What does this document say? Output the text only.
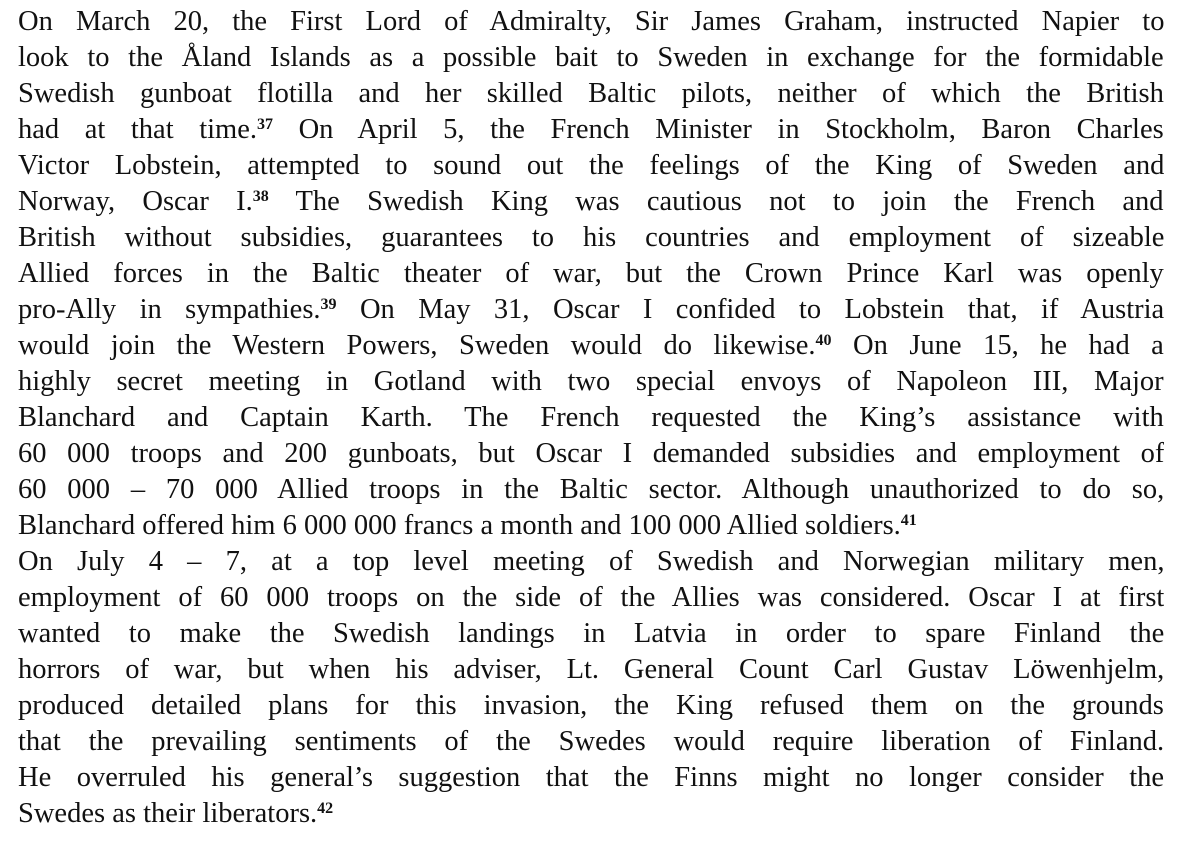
On March 20, the First Lord of Admiralty, Sir James Graham, instructed Napier to
look to the Åland Islands as a possible bait to Sweden in exchange for the formidable
Swedish gunboat flotilla and her skilled Baltic pilots, neither of which the British
had at that time.$^{37}$ On April 5, the French Minister in Stockholm, Baron Charles
Victor Lobstein, attempted to sound out the feelings of the King of Sweden and
Norway, Oscar I.$^{38}$ The Swedish King was cautious not to join the French and
British without subsidies, guarantees to his countries and employment of sizeable
Allied forces in the Baltic theater of war, but the Crown Prince Karl was openly
pro-Ally in sympathies.$^{39}$ On May 31, Oscar I confided to Lobstein that, if Austria
would join the Western Powers, Sweden would do likewise.$^{40}$ On June 15, he had a
highly secret meeting in Gotland with two special envoys of Napoleon III, Major
Blanchard and Captain Karth. The French requested the King’s assistance with
60 000 troops and 200 gunboats, but Oscar I demanded subsidies and employment of
60 000 – 70 000 Allied troops in the Baltic sector. Although unauthorized to do so,
Blanchard offered him 6 000 000 francs a month and 100 000 Allied soldiers.$^{41}$
On July 4 – 7, at a top level meeting of Swedish and Norwegian military men,
employment of 60 000 troops on the side of the Allies was considered. Oscar I at first
wanted to make the Swedish landings in Latvia in order to spare Finland the
horrors of war, but when his adviser, Lt. General Count Carl Gustav Löwenhjelm,
produced detailed plans for this invasion, the King refused them on the grounds
that the prevailing sentiments of the Swedes would require liberation of Finland.
He overruled his general’s suggestion that the Finns might no longer consider the
Swedes as their liberators.$^{42}$
